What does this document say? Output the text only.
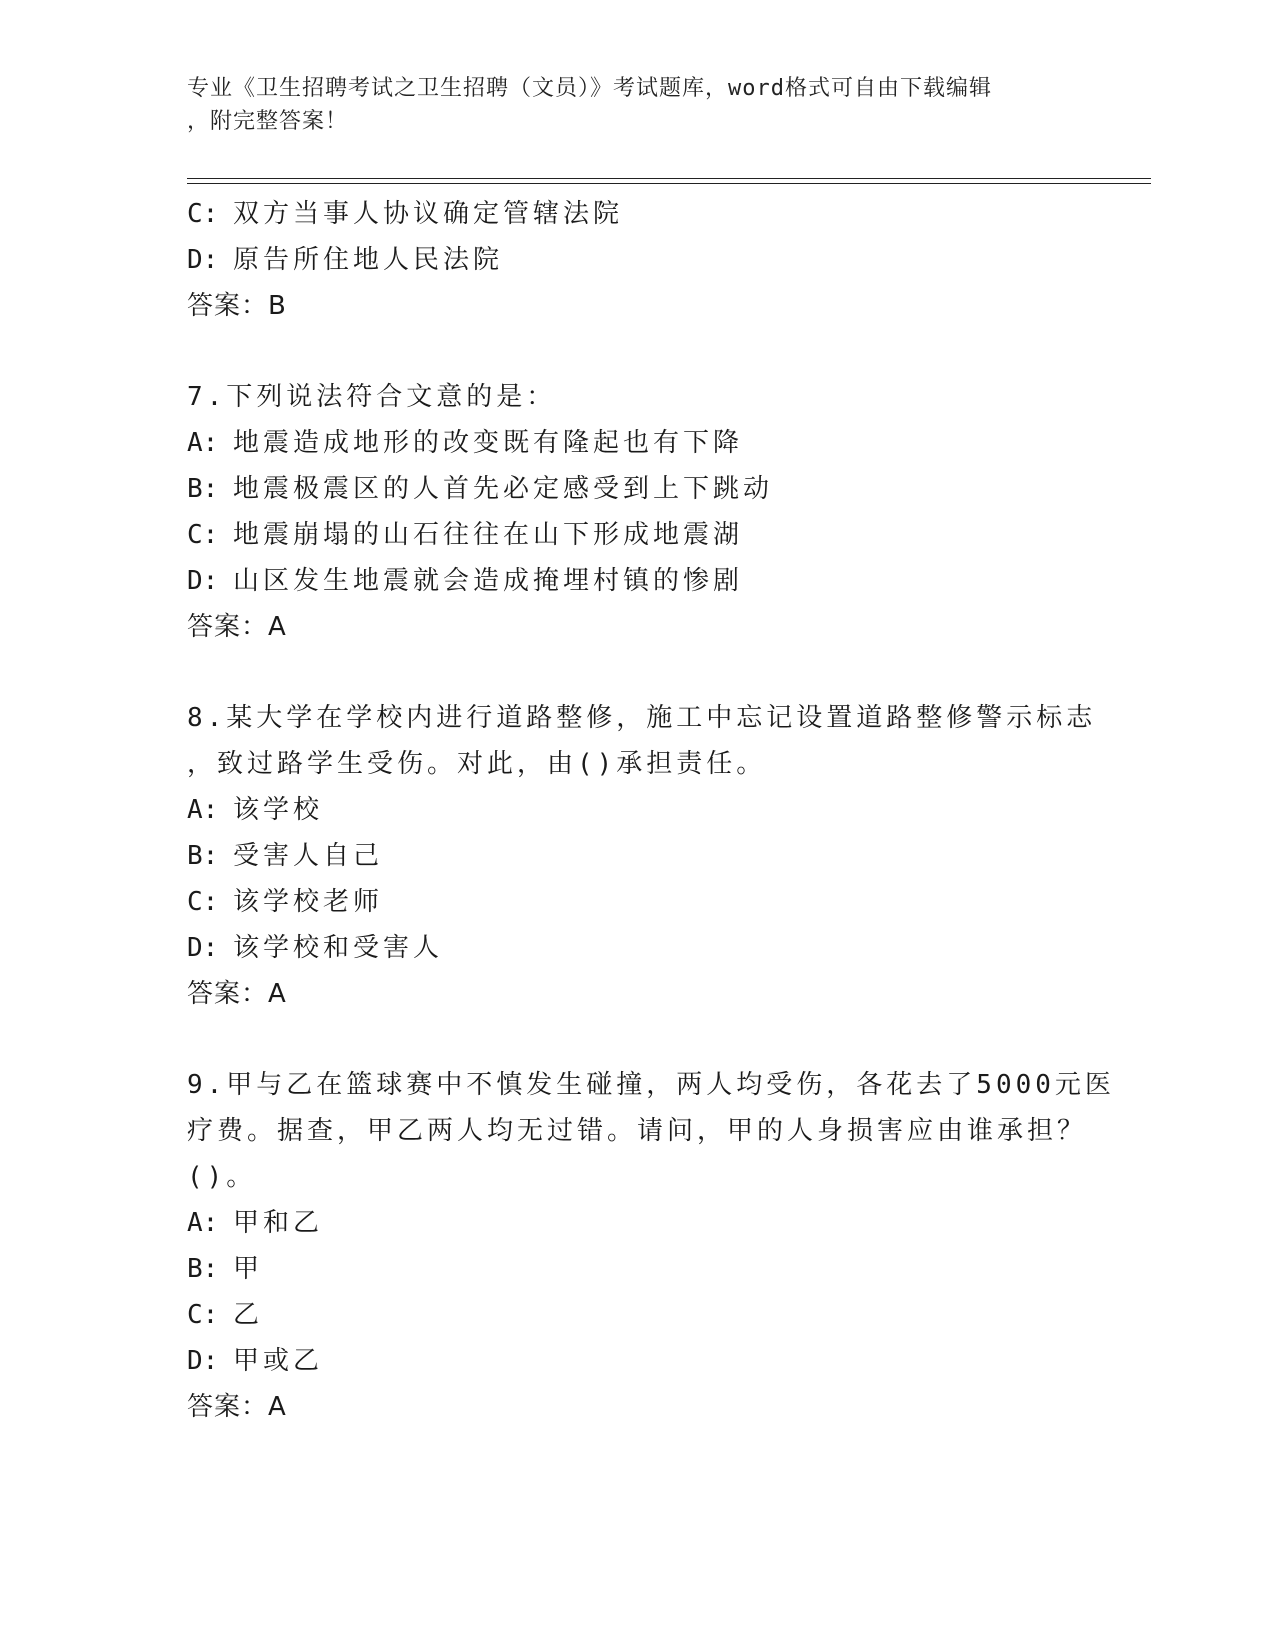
专业《卫生招聘考试之卫生招聘（文员）》考试题库，word格式可自由下载编辑
，附完整答案！
C: 双方当事人协议确定管辖法院
D: 原告所住地人民法院
答案：B
7.下列说法符合文意的是：
A: 地震造成地形的改变既有隆起也有下降
B: 地震极震区的人首先必定感受到上下跳动
C: 地震崩塌的山石往往在山下形成地震湖
D: 山区发生地震就会造成掩埋村镇的惨剧
答案：A
8.某大学在学校内进行道路整修，施工中忘记设置道路整修警示标志
，致过路学生受伤。对此，由()承担责任。
A: 该学校
B: 受害人自己
C: 该学校老师
D: 该学校和受害人
答案：A
9.甲与乙在篮球赛中不慎发生碰撞，两人均受伤，各花去了5000元医
疗费。据查，甲乙两人均无过错。请问，甲的人身损害应由谁承担？
()。
A: 甲和乙
B: 甲
C: 乙
D: 甲或乙
答案：A
